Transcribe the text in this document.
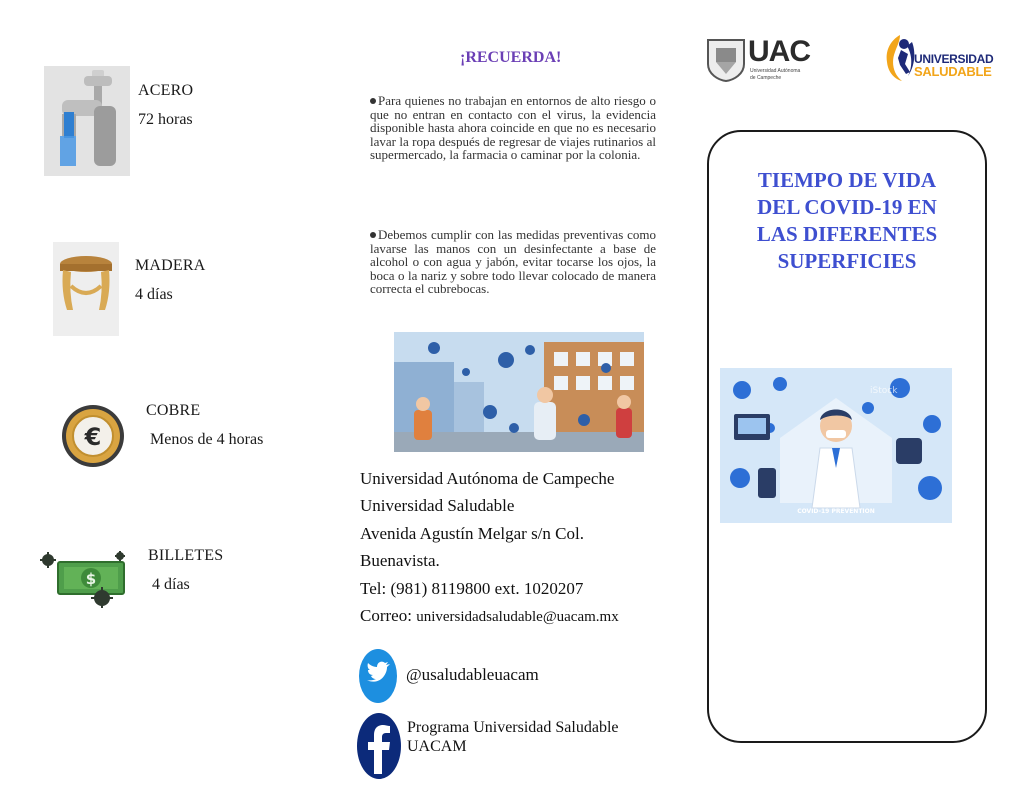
ACERO
72 horas
MADERA
4 días
€
COBRE
Menos de 4 horas
$
BILLETES
4 días
¡RECUERDA!
Para quienes no trabajan en entornos de alto riesgo o que no entran en contacto con el virus, la evidencia disponible hasta ahora coincide en que no es necesario lavar la ropa después de regresar de viajes rutinarios al supermercado, la farmacia o caminar por la colonia.
Debemos cumplir con las medidas preventivas como lavarse las manos con un desinfectante a base de alcohol o con agua y jabón, evitar tocarse los ojos, la boca o la nariz y sobre todo llevar colocado de manera correcta el cubrebocas.
Universidad Autónoma de Campeche
Universidad Saludable
Avenida Agustín Melgar s/n Col.
Buenavista.
Tel: (981) 8119800 ext. 1020207
Correo: universidadsaludable@uacam.mx
@usaludableuacam
Programa Universidad Saludable
UACAM
UAC
Universidad Autónoma
de Campeche
UNIVERSIDAD
SALUDABLE
TIEMPO DE VIDA
DEL COVID-19 EN
LAS DIFERENTES
SUPERFICIES
COVID-19 PREVENTION
iStock
